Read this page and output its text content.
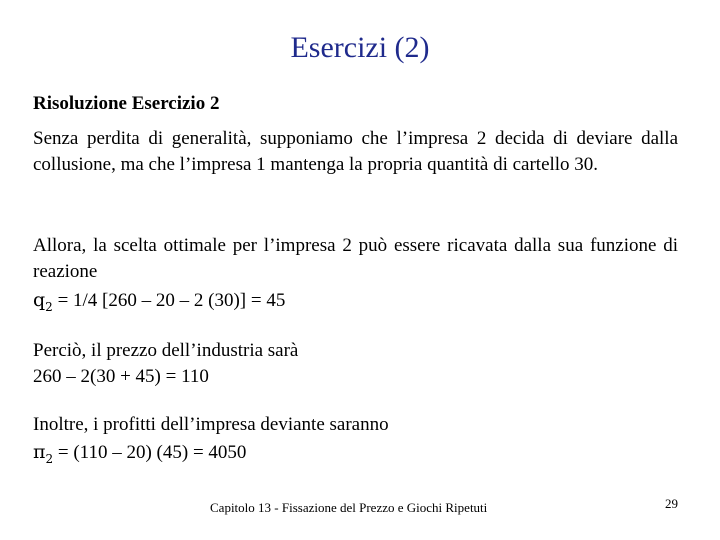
Esercizi (2)
Risoluzione Esercizio 2
Senza perdita di generalità, supponiamo che l’impresa 2 decida di deviare dalla collusione, ma che l’impresa 1 mantenga la propria quantità di cartello 30.
Allora, la scelta ottimale per l’impresa 2 può essere ricavata dalla sua funzione di reazione
$q_2 = 1/4$ [260 – 20 – 2 (30)] = 45
Perciò, il prezzo dell’industria sarà
260 – 2(30 + 45) = 110
Inoltre, i profitti dell’impresa deviante saranno
$\pi_2 = (110 - 20) (45) = 4050$
Capitolo 13 - Fissazione del Prezzo e Giochi Ripetuti	29
